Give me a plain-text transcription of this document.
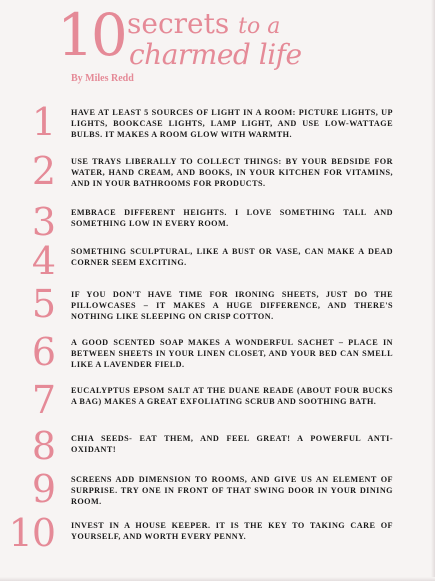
10 secrets to a
charmed life
By Miles Redd
1 HAVE AT LEAST 5 SOURCES OF LIGHT IN A ROOM: PICTURE LIGHTS, UP LIGHTS, BOOKCASE LIGHTS, LAMP LIGHT, AND USE LOW-WATTAGE BULBS. IT MAKES A ROOM GLOW WITH WARMTH.
2 USE TRAYS LIBERALLY TO COLLECT THINGS: BY YOUR BEDSIDE FOR WATER, HAND CREAM, AND BOOKS, IN YOUR KITCHEN FOR VITAMINS, AND IN YOUR BATHROOMS FOR PRODUCTS.
3 EMBRACE DIFFERENT HEIGHTS. I LOVE SOMETHING TALL AND SOMETHING LOW IN EVERY ROOM.
4 SOMETHING SCULPTURAL, LIKE A BUST OR VASE, CAN MAKE A DEAD CORNER SEEM EXCITING.
5 IF YOU DON'T HAVE TIME FOR IRONING SHEETS, JUST DO THE PILLOWCASES – IT MAKES A HUGE DIFFERENCE, AND THERE'S NOTHING LIKE SLEEPING ON CRISP COTTON.
6 A GOOD SCENTED SOAP MAKES A WONDERFUL SACHET – PLACE IN BETWEEN SHEETS IN YOUR LINEN CLOSET, AND YOUR BED CAN SMELL LIKE A LAVENDER FIELD.
7 EUCALYPTUS EPSOM SALT AT THE DUANE READE (ABOUT FOUR BUCKS A BAG) MAKES A GREAT EXFOLIATING SCRUB AND SOOTHING BATH.
8 CHIA SEEDS- EAT THEM, AND FEEL GREAT! A POWERFUL ANTI-OXIDANT!
9 SCREENS ADD DIMENSION TO ROOMS, AND GIVE US AN ELEMENT OF SURPRISE. TRY ONE IN FRONT OF THAT SWING DOOR IN YOUR DINING ROOM.
10 INVEST IN A HOUSE KEEPER. IT IS THE KEY TO TAKING CARE OF YOURSELF, AND WORTH EVERY PENNY.
